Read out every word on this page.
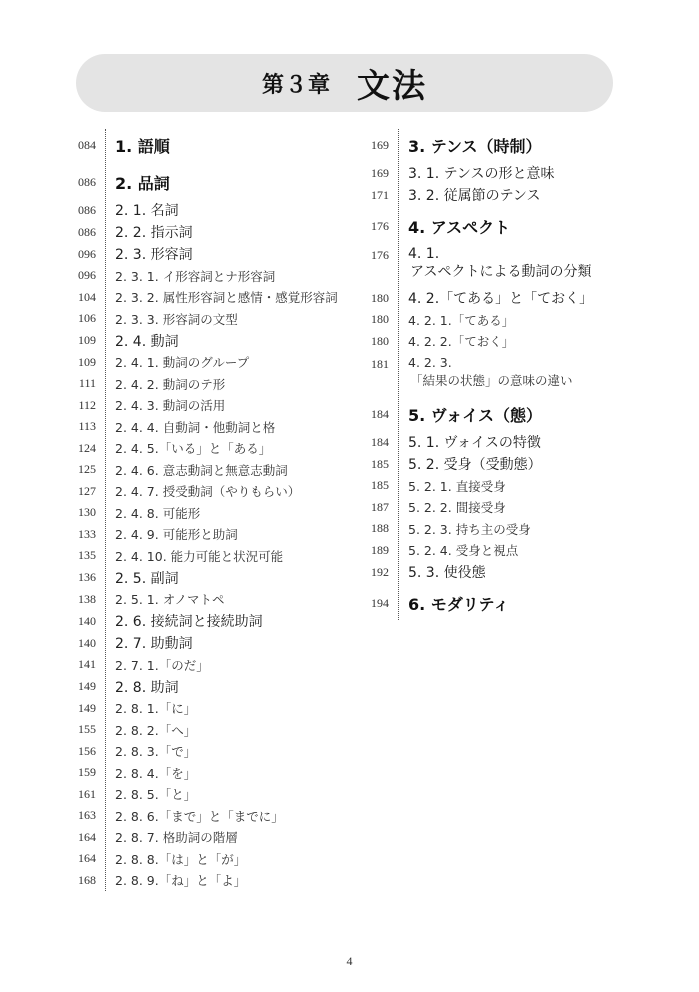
第３章 文法
084 1. 語順
086 2. 品詞
086 2. 1. 名詞
086 2. 2. 指示詞
096 2. 3. 形容詞
096 2. 3. 1. イ形容詞とナ形容詞
104 2. 3. 2. 属性形容詞と感情・感覚形容詞
106 2. 3. 3. 形容詞の文型
109 2. 4. 動詞
109 2. 4. 1. 動詞のグループ
111 2. 4. 2. 動詞のテ形
112 2. 4. 3. 動詞の活用
113 2. 4. 4. 自動詞・他動詞と格
124 2. 4. 5.「いる」と「ある」
125 2. 4. 6. 意志動詞と無意志動詞
127 2. 4. 7. 授受動詞（やりもらい）
130 2. 4. 8. 可能形
133 2. 4. 9. 可能形と助詞
135 2. 4. 10. 能力可能と状況可能
136 2. 5. 副詞
138 2. 5. 1. オノマトペ
140 2. 6. 接続詞と接続助詞
140 2. 7. 助動詞
141 2. 7. 1.「のだ」
149 2. 8. 助詞
149 2. 8. 1.「に」
155 2. 8. 2.「へ」
156 2. 8. 3.「で」
159 2. 8. 4.「を」
161 2. 8. 5.「と」
163 2. 8. 6.「まで」と「までに」
164 2. 8. 7. 格助詞の階層
164 2. 8. 8.「は」と「が」
168 2. 8. 9.「ね」と「よ」
169 3. テンス（時制）
169 3. 1. テンスの形と意味
171 3. 2. 従属節のテンス
176 4. アスペクト
176 4. 1.
アスペクトによる動詞の分類
180 4. 2.「てある」と「ておく」
180 4. 2. 1.「てある」
180 4. 2. 2.「ておく」
181 4. 2. 3.
「結果の状態」の意味の違い
184 5. ヴォイス（態）
184 5. 1. ヴォイスの特徴
185 5. 2. 受身（受動態）
185 5. 2. 1. 直接受身
187 5. 2. 2. 間接受身
188 5. 2. 3. 持ち主の受身
189 5. 2. 4. 受身と視点
192 5. 3. 使役態
194 6. モダリティ
4
